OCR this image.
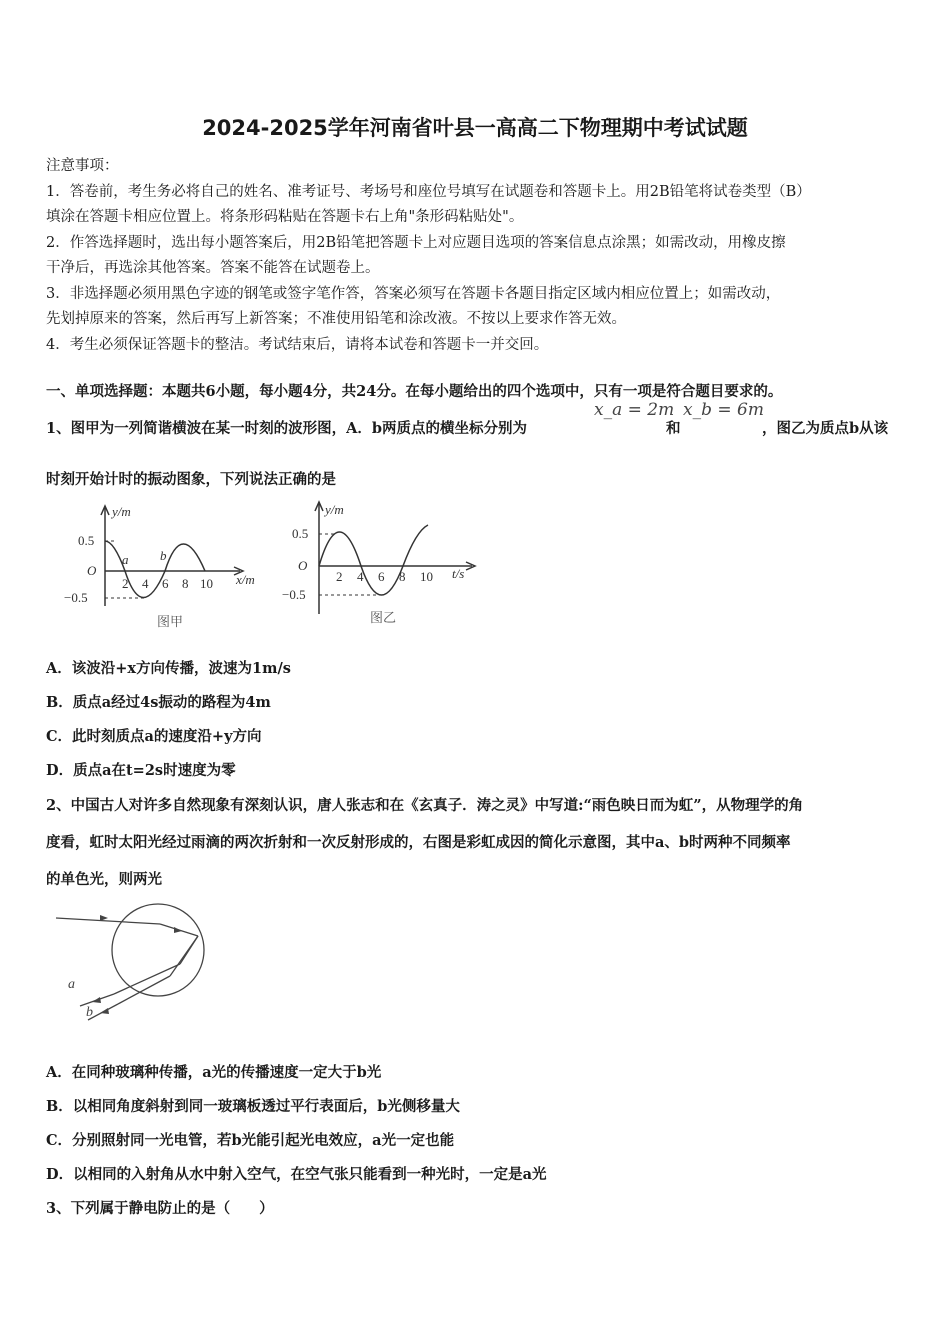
2024-2025学年河南省叶县一高高二下物理期中考试试题
注意事项：
1．答卷前，考生务必将自己的姓名、准考证号、考场号和座位号填写在试题卷和答题卡上。用2B铅笔将试卷类型（B）
填涂在答题卡相应位置上。将条形码粘贴在答题卡右上角"条形码粘贴处"。
2．作答选择题时，选出每小题答案后，用2B铅笔把答题卡上对应题目选项的答案信息点涂黑；如需改动，用橡皮擦
干净后，再选涂其他答案。答案不能答在试题卷上。
3．非选择题必须用黑色字迹的钢笔或签字笔作答，答案必须写在答题卡各题目指定区域内相应位置上；如需改动，
先划掉原来的答案，然后再写上新答案；不准使用铅笔和涂改液。不按以上要求作答无效。
4．考生必须保证答题卡的整洁。考试结束后，请将本试卷和答题卡一并交回。
一、单项选择题：本题共6小题，每小题4分，共24分。在每小题给出的四个选项中，只有一项是符合题目要求的。
1、图甲为一列简谐横波在某一时刻的波形图，A．b两质点的横坐标分别为
x_a = 2m
和
x_b = 6m
，图乙为质点b从该
时刻开始计时的振动图象，下列说法正确的是
y/m
0.5
O
−0.5
2 4 6 8 10 x/m
a b
图甲
y/m
0.5
O
−0.5
2 4 6 8 10 t/s
图乙
A．该波沿+x方向传播，波速为1m/s
B．质点a经过4s振动的路程为4m
C．此时刻质点a的速度沿+y方向
D．质点a在t=2s时速度为零
2、中国古人对许多自然现象有深刻认识，唐人张志和在《玄真子．涛之灵》中写道:“雨色映日而为虹”，从物理学的角
度看，虹时太阳光经过雨滴的两次折射和一次反射形成的，右图是彩虹成因的简化示意图，其中a、b时两种不同频率
的单色光，则两光
a
b
A．在同种玻璃种传播，a光的传播速度一定大于b光
B．以相同角度斜射到同一玻璃板透过平行表面后，b光侧移量大
C．分别照射同一光电管，若b光能引起光电效应，a光一定也能
D．以相同的入射角从水中射入空气，在空气张只能看到一种光时，一定是a光
3、下列属于静电防止的是（　　）
